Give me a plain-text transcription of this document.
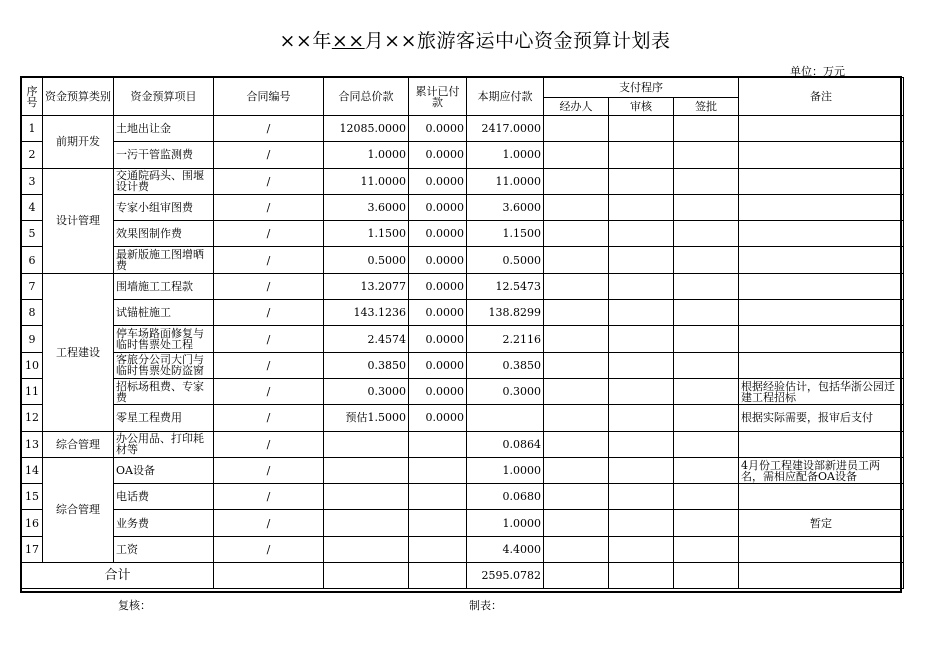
××年××月××旅游客运中心资金预算计划表
单位：万元
序号	资金预算类别	资金预算项目	合同编号	合同总价款	累计已付款	本期应付款	支付程序			备注
							经办人	审核	签批	
1	前期开发	土地出让金	/	12085.0000	0.0000	2417.0000				
2		一污干管监测费	/	1.0000	0.0000	1.0000				
3	设计管理	交通院码头、围堰设计费	/	11.0000	0.0000	11.0000				
4		专家小组审图费	/	3.6000	0.0000	3.6000				
5		效果图制作费	/	1.1500	0.0000	1.1500				
6		最新版施工图增晒费	/	0.5000	0.0000	0.5000				
7	工程建设	围墙施工工程款	/	13.2077	0.0000	12.5473				
8		试锚桩施工	/	143.1236	0.0000	138.8299				
9		停车场路面修复与临时售票处工程	/	2.4574	0.0000	2.2116				
10		客旅分公司大门与临时售票处防盗窗	/	0.3850	0.0000	0.3850				
11		招标场租费、专家费	/	0.3000	0.0000	0.3000				根据经验估计，包括华浙公园迁建工程招标
12		零星工程费用	/	预估1.5000	0.0000					根据实际需要，报审后支付
13	综合管理	办公用品、打印耗材等	/			0.0864				
14	综合管理	OA设备	/			1.0000				4月份工程建设部新进员工两名，需相应配备OA设备
15		电话费	/			0.0680				
16		业务费	/			1.0000				暂定
17		工资	/			4.4000				
合计						2595.0782				
复核：	制表：
